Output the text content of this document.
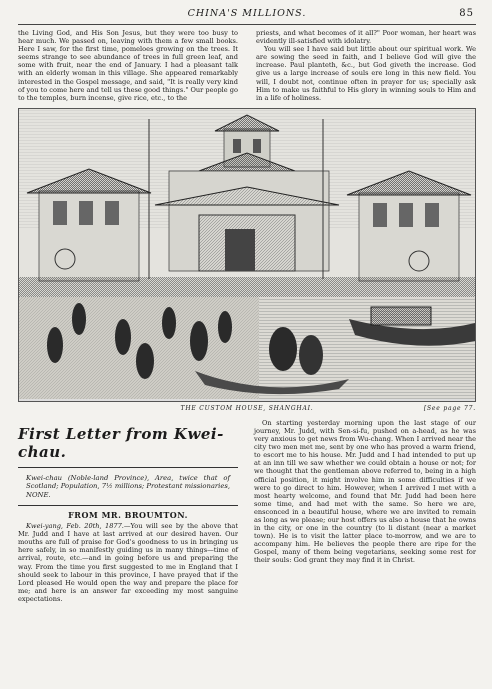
CHINA'S MILLIONS.	85

the Living God, and His Son Jesus, but they were too busy to hear much. We passed on, leaving with them a few small books. Here I saw, for the first time, pomeloes growing on the trees. It seems strange to see abundance of trees in full green leaf, and some with fruit, near the end of January. I had a pleasant talk with an elderly woman in this village. She appeared remarkably interested in the Gospel message, and said, "It is really very kind of you to come here and tell us these good things." Our people go to the temples, burn incense, give rice, etc., to the

priests, and what becomes of it all?" Poor woman, her heart was evidently ill-satisfied with idolatry.

You will see I have said but little about our spiritual work. We are sowing the seed in faith, and I believe God will give the increase. Paul planteth, &c., but God giveth the increase. God give us a large increase of souls ere long in this new field. You will, I doubt not, continue often in prayer for us; specially ask Him to make us faithful to His glory in winning souls to Him and in a life of holiness.

THE CUSTOM HOUSE, SHANGHAI.	[See page 77.
First Letter from Kwei-chau.
Kwei-chau (Noble-land Province), Area, twice that of Scotland; Population, 7½ millions; Protestant missionaries, NONE.
FROM MR. BROUMTON.

Kwei-yang, Feb. 20th, 1877.—You will see by the above that Mr. Judd and I have at last arrived at our desired haven. Our mouths are full of praise for God's goodness to us in bringing us here safely, in so manifestly guiding us in many things—time of arrival, route, etc.—and in going before us and preparing the way. From the time you first suggested to me in England that I should seek to labour in this province, I have prayed that if the Lord pleased He would open the way and prepare the place for me; and here is an answer far exceeding my most sanguine expectations.

On starting yesterday morning upon the last stage of our journey, Mr. Judd, with Sen-si-fu, pushed on a-head, as he was very anxious to get news from Wu-chang. When I arrived near the city two men met me, sent by one who has proved a warm friend, to escort me to his house. Mr. Judd and I had intended to put up at an inn till we saw whether we could obtain a house or not; for we thought that the gentleman above referred to, being in a high official position, it might involve him in some difficulties if we were to go direct to him. However, when I arrived I met with a most hearty welcome, and found that Mr. Judd had been here some time, and had met with the same. So here we are, ensconced in a beautiful house, where we are invited to remain as long as we please; our host offers us also a house that he owns in the city, or one in the country (to li distant (near a market town). He is to visit the latter place to-morrow, and we are to accompany him. He believes the people there are ripe for the Gospel, many of them being vegetarians, seeking some rest for their souls: God grant they may find it in Christ.
